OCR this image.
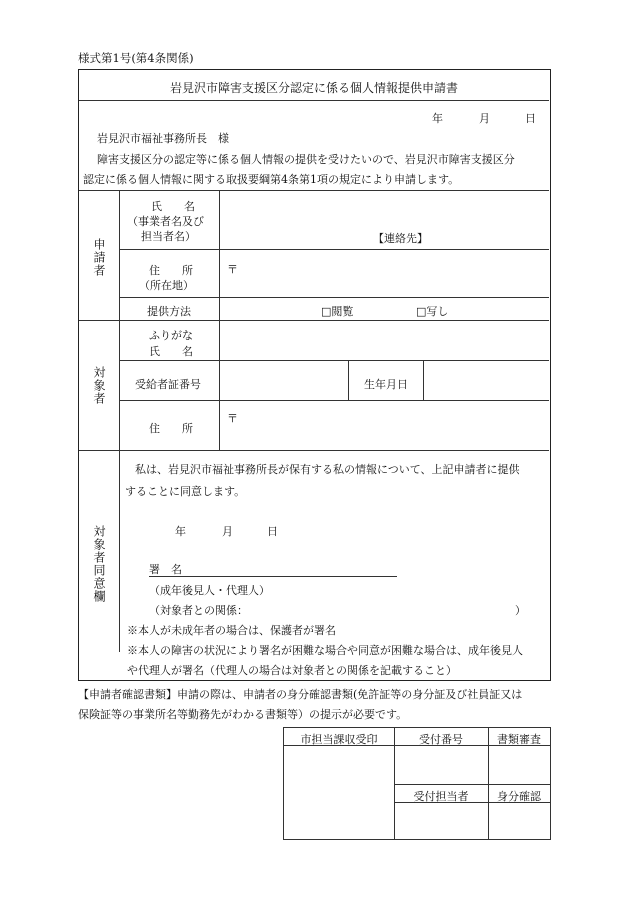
様式第1号(第4条関係)
岩見沢市障害支援区分認定に係る個人情報提供申請書
年	月	日
岩見沢市福祉事務所長　様
障害支援区分の認定等に係る個人情報の提供を受けたいので、岩見沢市障害支援区分
認定に係る個人情報に関する取扱要綱第4条第1項の規定により申請します。
申請者
氏　　名
（事業者名及び
担当者名）	【連絡先】
住　　所
（所在地）
〒
提供方法	□閲覧	□写し
対象者
ふりがな
氏　　名
受給者証番号	生年月日
住　　所
〒
対象者同意欄
私は、岩見沢市福祉事務所長が保有する私の情報について、上記申請者に提供
することに同意します。
年	月	日
署　名
（成年後見人・代理人）
（対象者との関係：	）
※本人が未成年者の場合は、保護者が署名
※本人の障害の状況により署名が困難な場合や同意が困難な場合は、成年後見人
や代理人が署名（代理人の場合は対象者との関係を記載すること）
【申請者確認書類】申請の際は、申請者の身分確認書類(免許証等の身分証及び社員証又は
保険証等の事業所名等勤務先がわかる書類等）の提示が必要です。
市担当課収受印	受付番号	書類審査
受付担当者	身分確認
